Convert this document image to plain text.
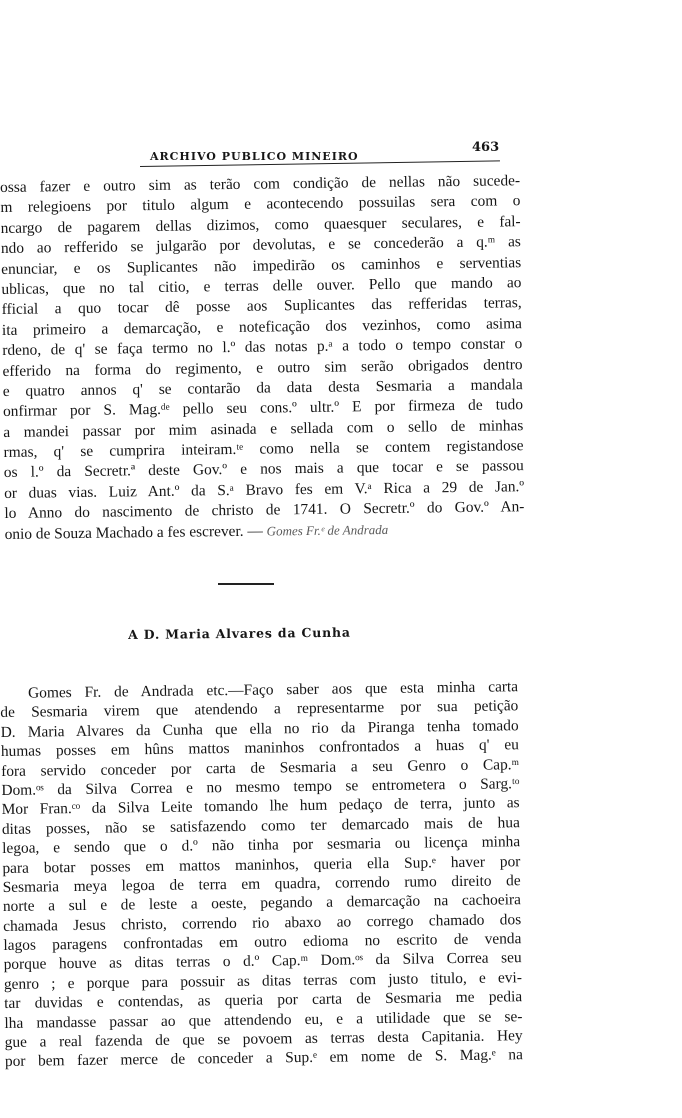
ARCHIVO PUBLICO MINEIRO
463
ossa fazer e outro sim as terão com condição de nellas não sucede-
m relegioens por titulo algum e acontecendo possuilas sera com o
ncargo de pagarem dellas dizimos, como quaesquer seculares, e fal-
ndo ao refferido se julgarão por devolutas, e se concederão a q.ᵐ as
enunciar, e os Suplicantes não impedirão os caminhos e serventias
ublicas, que no tal citio, e terras delle ouver. Pello que mando ao
fficial a quo tocar dê posse aos Suplicantes das refferidas terras,
ita primeiro a demarcação, e noteficação dos vezinhos, como asima
rdeno, de q' se faça termo no l.º das notas p.ᵃ a todo o tempo constar o
efferido na forma do regimento, e outro sim serão obrigados dentro
e quatro annos q' se contarão da data desta Sesmaria a mandala
onfirmar por S. Mag.ᵈᵉ pello seu cons.º ultr.º E por firmeza de tudo
a mandei passar por mim asinada e sellada com o sello de minhas
rmas, q' se cumprira inteiram.ᵗᵉ como nella se contem registandose
os l.º da Secretr.ª deste Gov.º e nos mais a que tocar e se passou
or duas vias. Luiz Ant.º da S.ᵃ Bravo fes em V.ᵃ Rica a 29 de Jan.º
lo Anno do nascimento de christo de 1741. O Secretr.º do Gov.º An-
onio de Souza Machado a fes escrever. — Gomes Fr.ᵉ de Andrada
A D. Maria Alvares da Cunha
Gomes Fr. de Andrada etc.—Faço saber aos que esta minha carta
de Sesmaria virem que atendendo a representarme por sua petição
D. Maria Alvares da Cunha que ella no rio da Piranga tenha tomado
humas posses em hûns mattos maninhos confrontados a huas q' eu
fora servido conceder por carta de Sesmaria a seu Genro o Cap.ᵐ
Dom.ᵒˢ da Silva Correa e no mesmo tempo se entrometera o Sarg.ᵗᵒ
Mor Fran.ᶜᵒ da Silva Leite tomando lhe hum pedaço de terra, junto as
ditas posses, não se satisfazendo como ter demarcado mais de hua
legoa, e sendo que o d.º não tinha por sesmaria ou licença minha
para botar posses em mattos maninhos, queria ella Sup.ᵉ haver por
Sesmaria meya legoa de terra em quadra, correndo rumo direito de
norte a sul e de leste a oeste, pegando a demarcação na cachoeira
chamada Jesus christo, correndo rio abaxo ao corrego chamado dos
lagos paragens confrontadas em outro edioma no escrito de venda
porque houve as ditas terras o d.º Cap.ᵐ Dom.ᵒˢ da Silva Correa seu
genro ; e porque para possuir as ditas terras com justo titulo, e evi-
tar duvidas e contendas, as queria por carta de Sesmaria me pedia
lha mandasse passar ao que attendendo eu, e a utilidade que se se-
gue a real fazenda de que se povoem as terras desta Capitania. Hey
por bem fazer merce de conceder a Sup.ᵉ em nome de S. Mag.ᵉ na
